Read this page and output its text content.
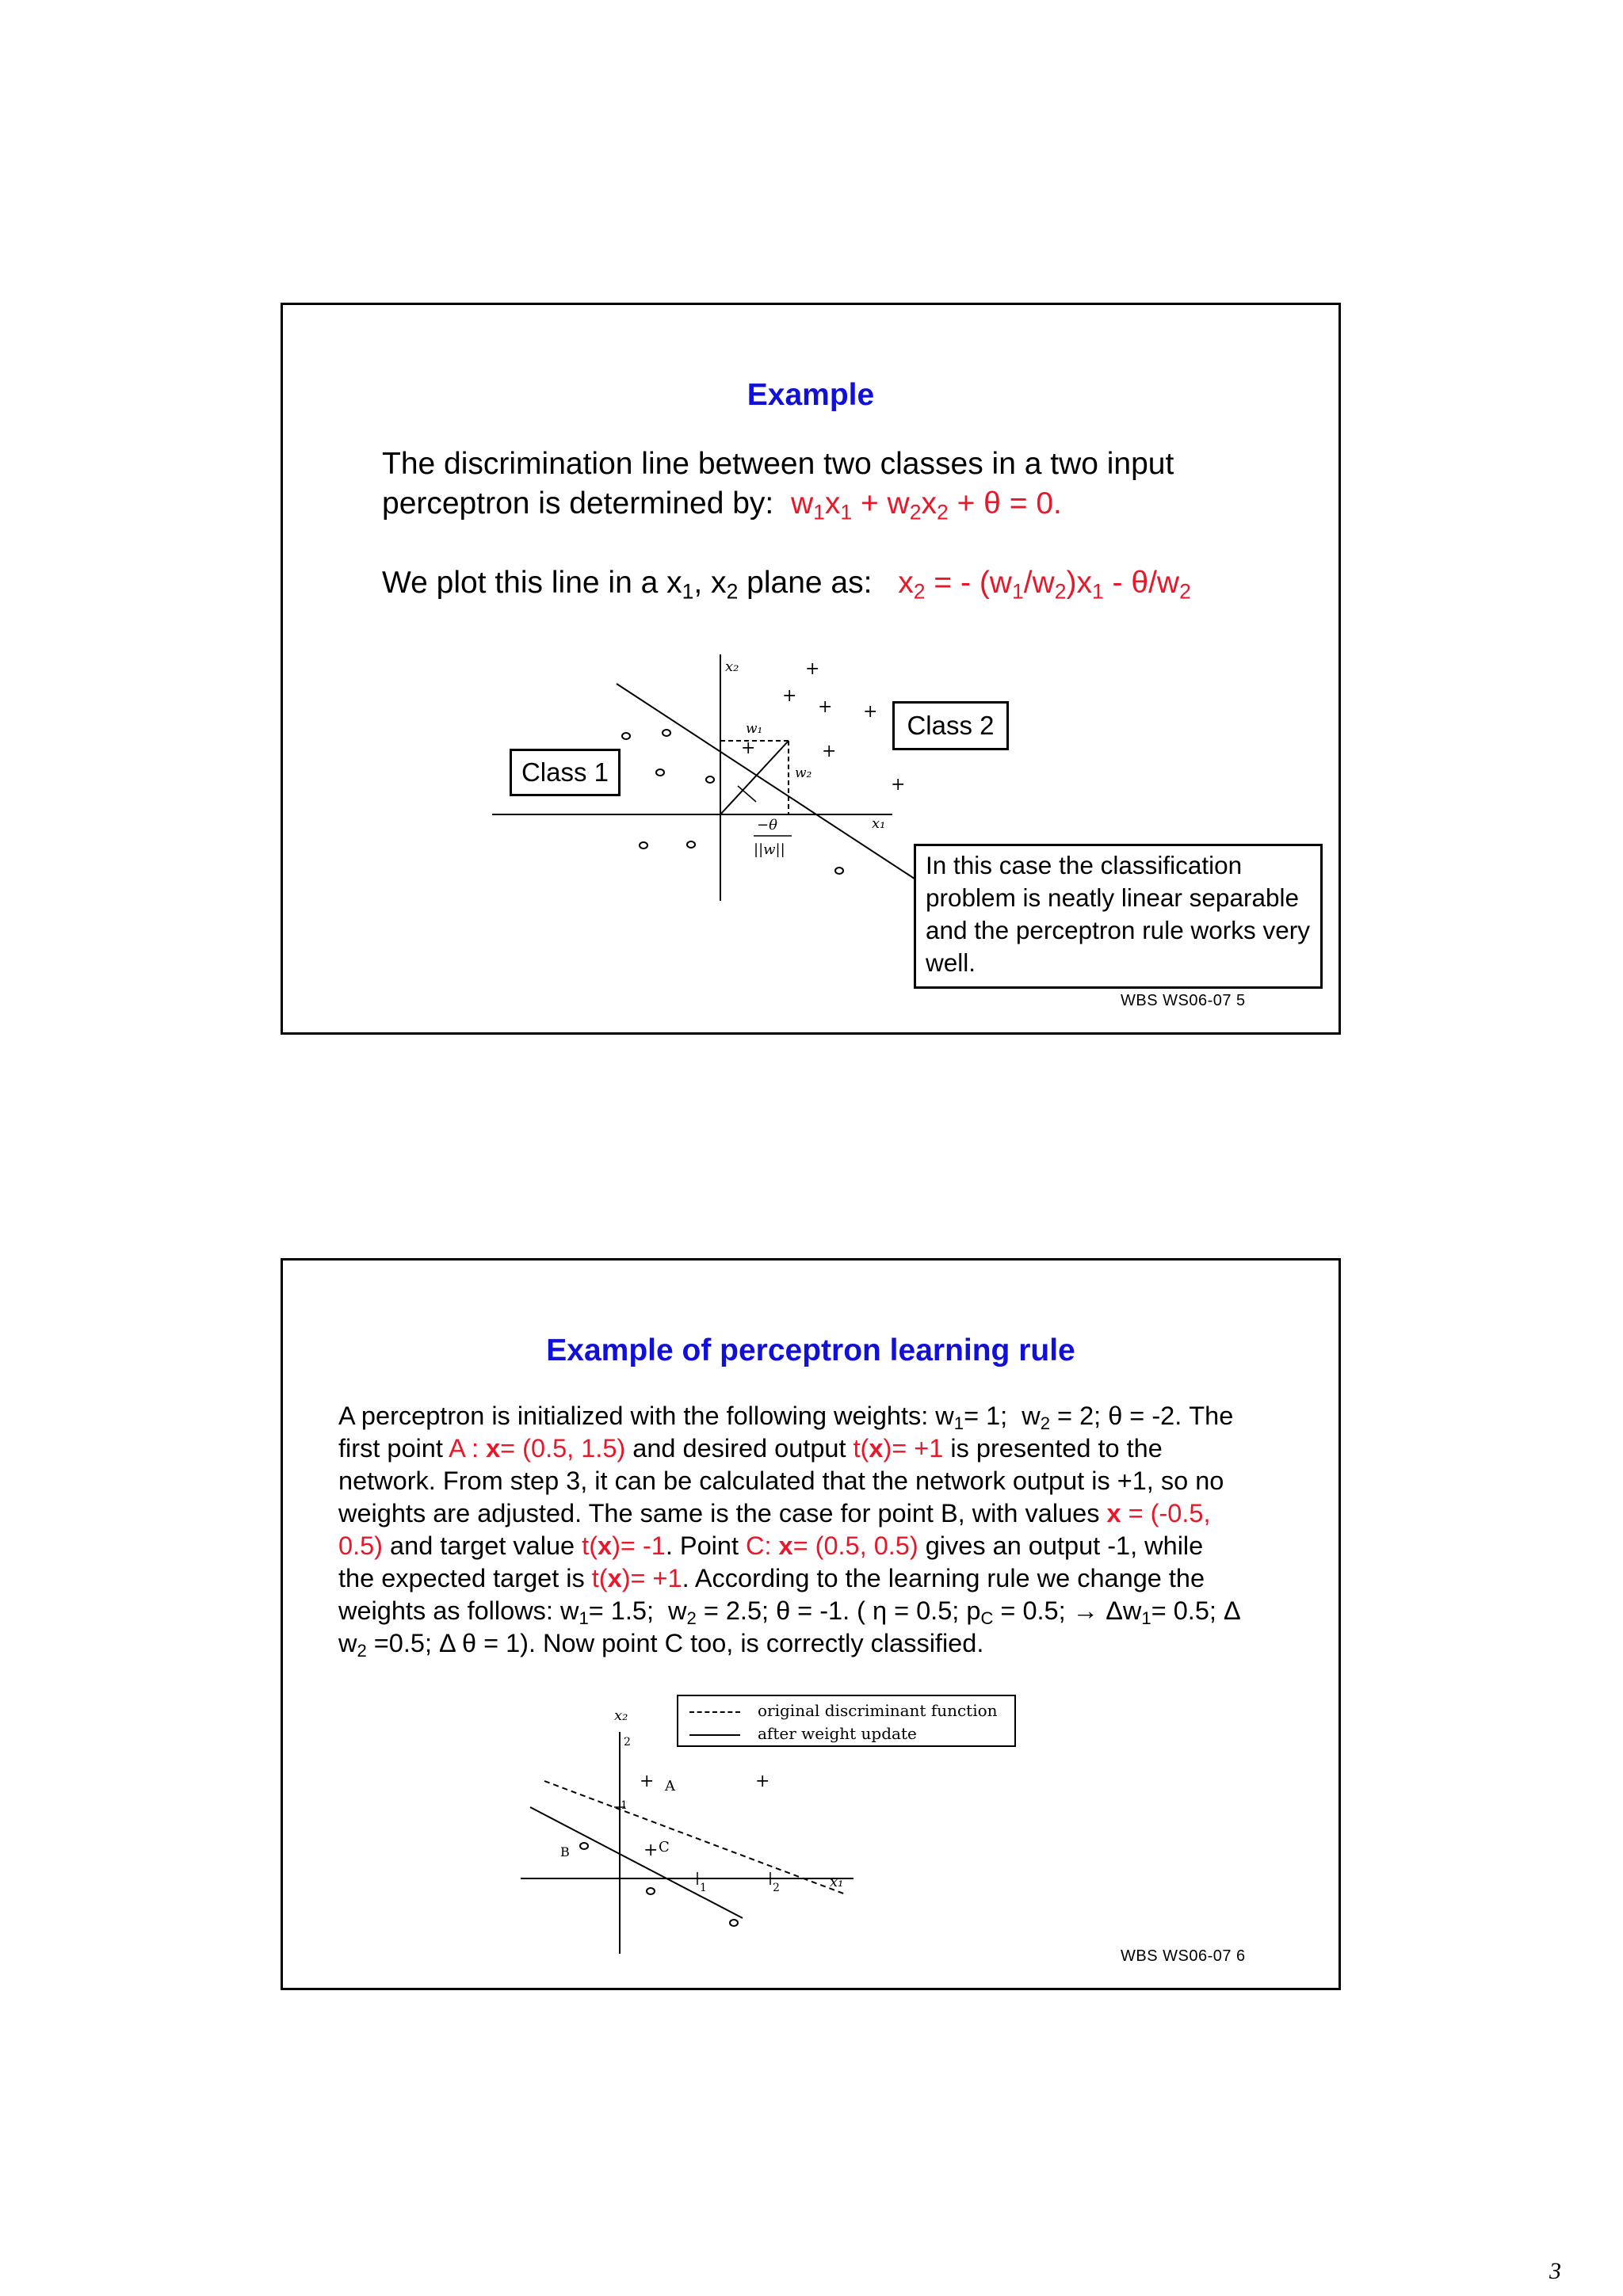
Example
The discrimination line between two classes in a two input
perceptron is determined by:  $w_1x_1 + w_2x_2 + \theta = 0$.
We plot this line in a $x_1$, $x_2$ plane as: $x_2$ = - $(w_1/w_2)x_1 - \theta/w_2$
x₂
x₁
w₁
w₂
−θ
||w||
+
+
+ +
+	+
+
Class 1
Class 2
In this case the classification problem is neatly linear separable and the perceptron rule works very well.
WBS WS06-07 5
Example of perceptron learning rule
A perceptron is initialized with the following weights: $w_1= 1$;  $w_2 = 2$; θ = -2. The
first point A : x= (0.5, 1.5) and desired output t(x)= +1 is presented to the
network. From step 3, it can be calculated that the network output is +1, so no
weights are adjusted. The same is the case for point B, with values x = (-0.5,
0.5) and target value t(x)= -1. Point C: x= (0.5, 0.5) gives an output -1, while
the expected target is t(x)= +1. According to the learning rule we change the
weights as follows: $w_1= 1.5$;  $w_2 = 2.5$; θ = -1. ( η = 0.5; $p_C = 0.5$; → $\Delta w_1= 0.5$; Δ
$w_2 =0.5$; Δ θ = 1). Now point C too, is correctly classified.
x₂
x₁
2
1
1	2
+	+
+
A
C
B
original discriminant function
after weight update
WBS WS06-07 6
3
